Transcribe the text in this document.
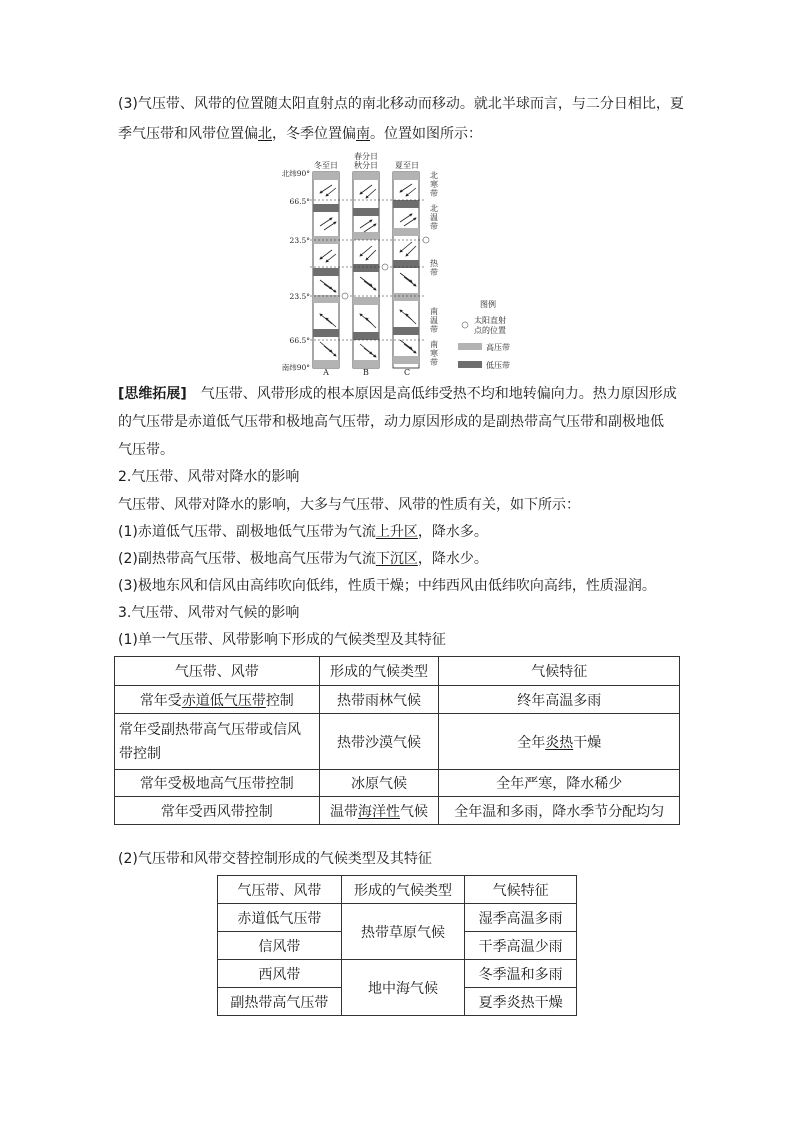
(3)气压带、风带的位置随太阳直射点的南北移动而移动。就北半球而言，与二分日相比，夏
季气压带和风带位置偏北，冬季位置偏南。位置如图所示：
冬至日
春分日
秋分日 夏至日
北纬90°
66.5°
23.5°
23.5°
66.5°
南纬90°
北
寒
带
北
温
带
热
带
南
温
带
南
寒
带
A	B	C
图例
太阳直射
点的位置
高压带
低压带
[思维拓展]　气压带、风带形成的根本原因是高低纬受热不均和地转偏向力。热力原因形成
的气压带是赤道低气压带和极地高气压带，动力原因形成的是副热带高气压带和副极地低
气压带。
2.气压带、风带对降水的影响
气压带、风带对降水的影响，大多与气压带、风带的性质有关，如下所示：
(1)赤道低气压带、副极地低气压带为气流上升区，降水多。
(2)副热带高气压带、极地高气压带为气流下沉区，降水少。
(3)极地东风和信风由高纬吹向低纬，性质干燥；中纬西风由低纬吹向高纬，性质湿润。
3.气压带、风带对气候的影响
(1)单一气压带、风带影响下形成的气候类型及其特征
气压带、风带	形成的气候类型	气候特征
常年受赤道低气压带控制	热带雨林气候	终年高温多雨

常年受副热带高气压带或信风
带控制	热带沙漠气候	全年炎热干燥
常年受极地高气压带控制	冰原气候	全年严寒，降水稀少
常年受西风带控制	温带海洋性气候	全年温和多雨，降水季节分配均匀
(2)气压带和风带交替控制形成的气候类型及其特征
气压带、风带	形成的气候类型	气候特征
赤道低气压带	热带草原气候	湿季高温多雨
信风带		干季高温少雨
西风带	地中海气候	冬季温和多雨
副热带高气压带		夏季炎热干燥
